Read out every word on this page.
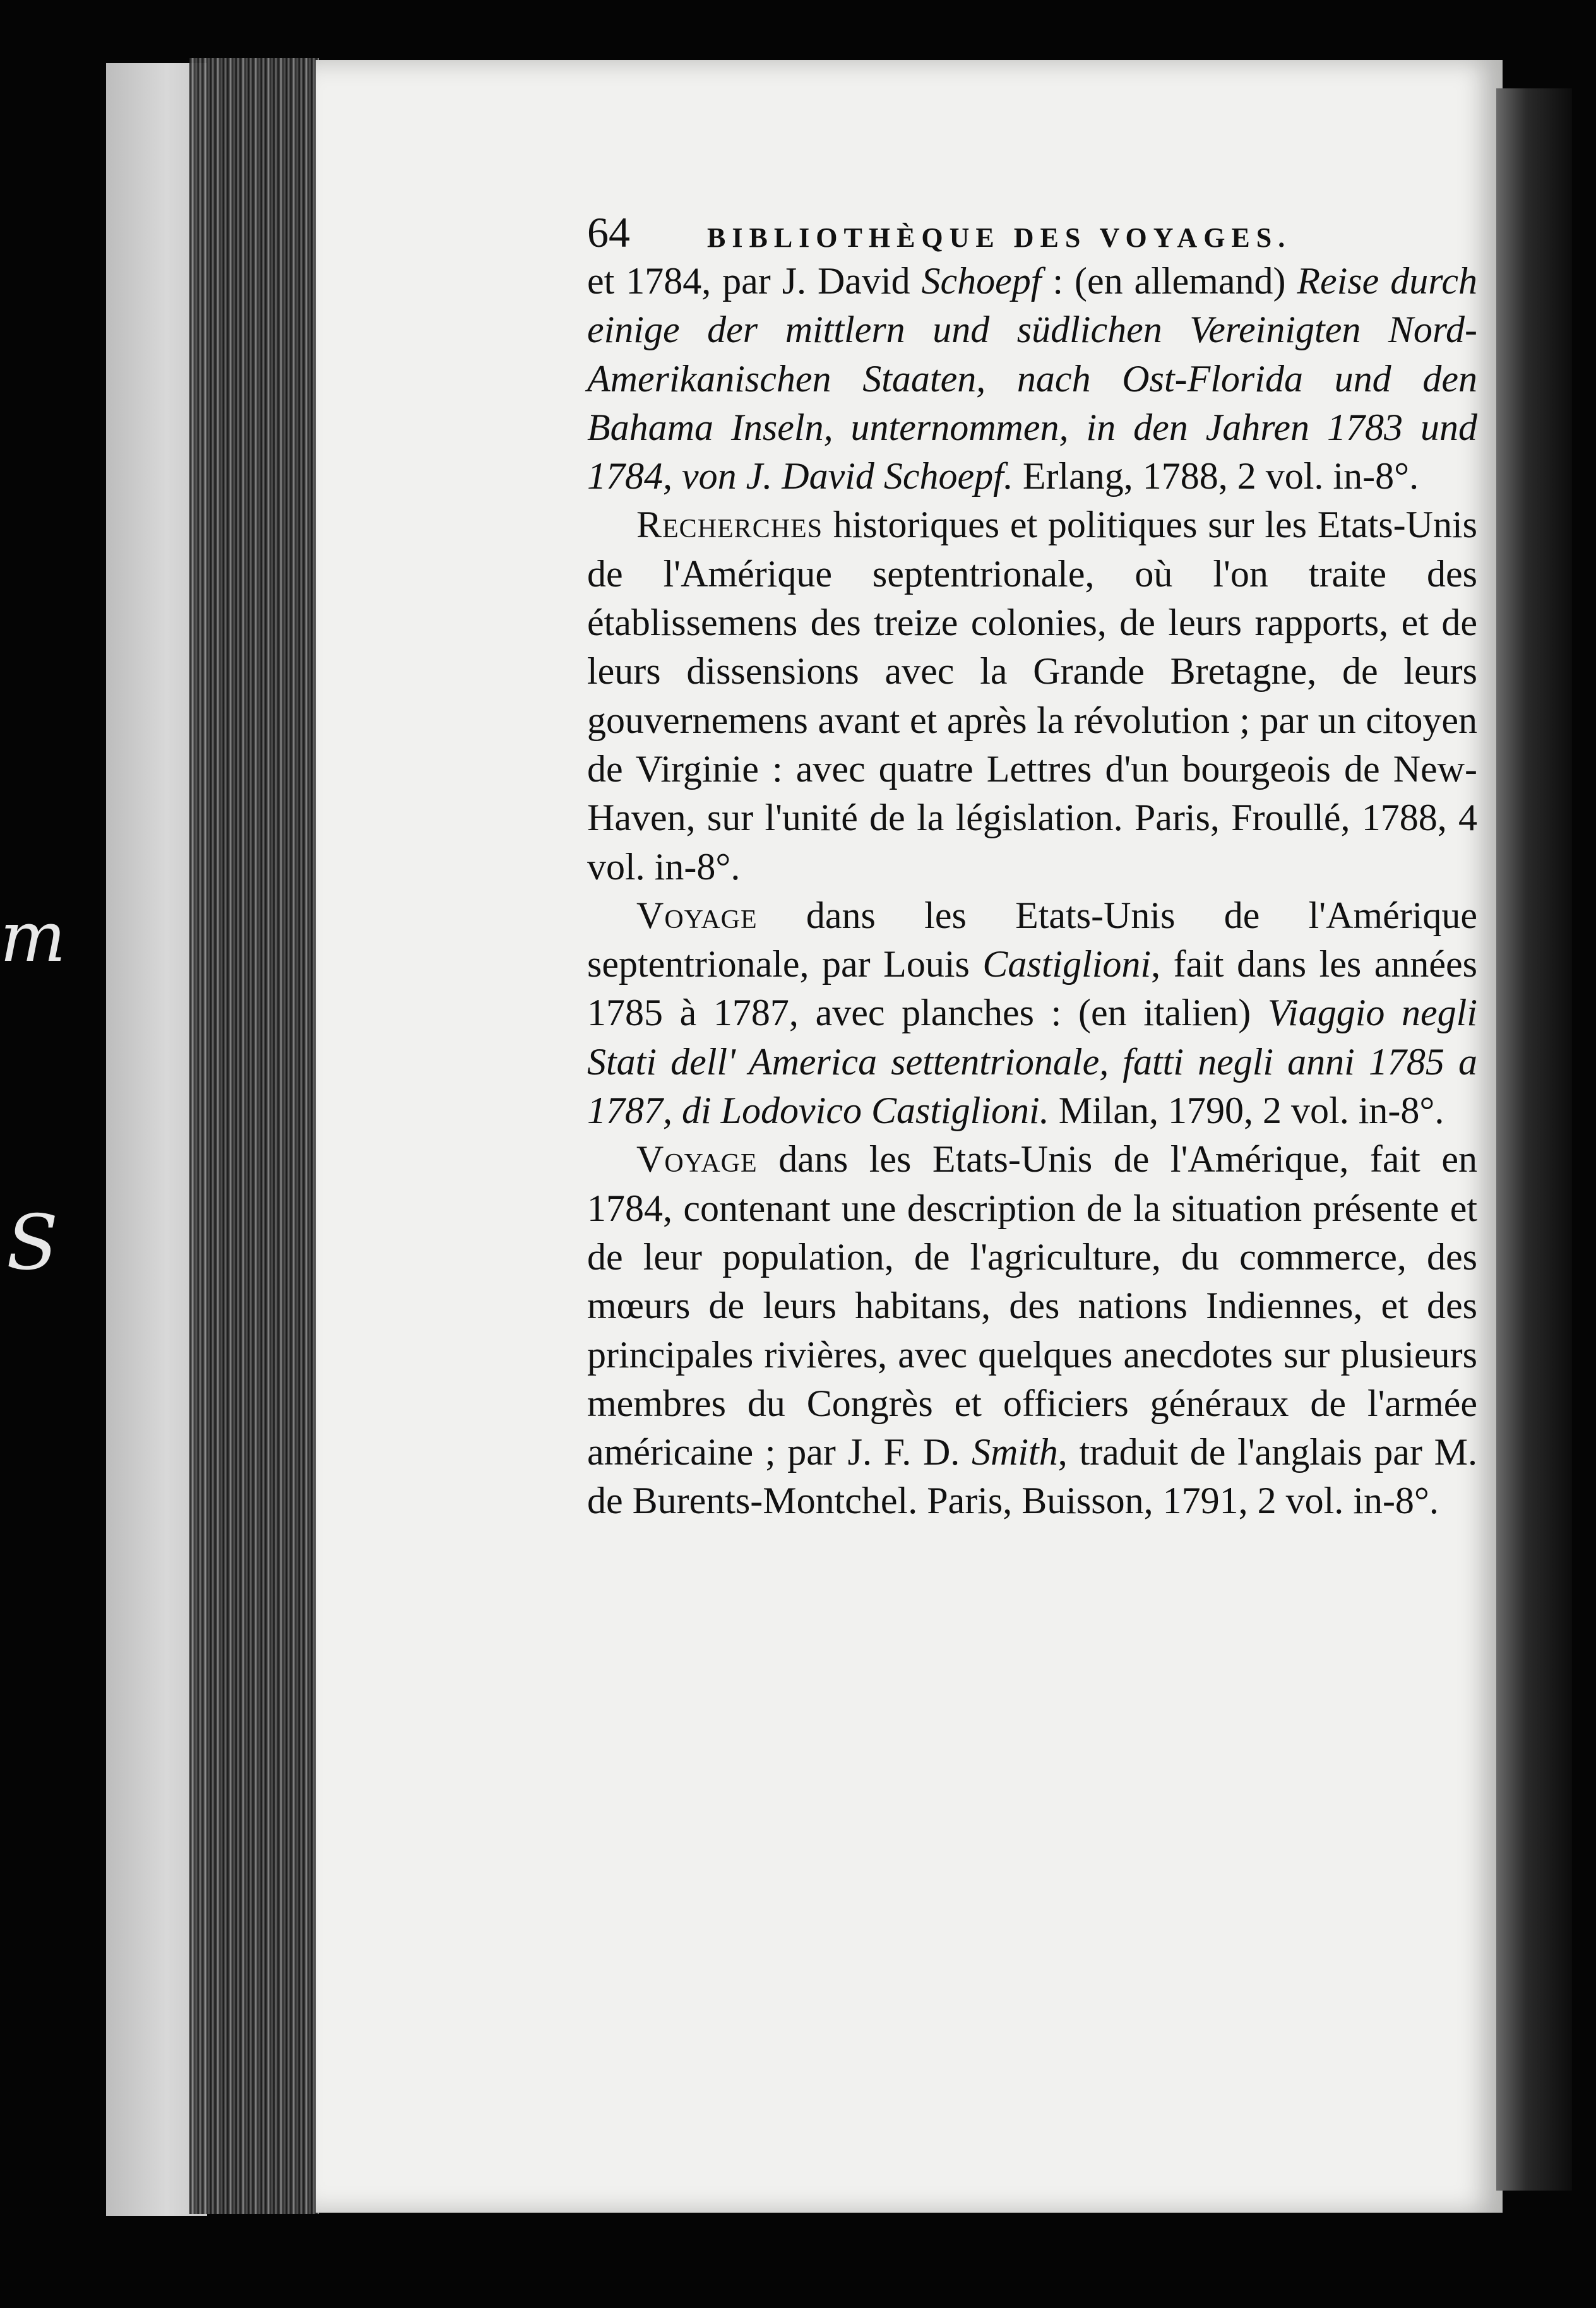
m
S
64	BIBLIOTHÈQUE DES VOYAGES.

et 1784, par J. David Schoepf : (en allemand) Reise durch einige der mittlern und südlichen Vereinigten Nord-Amerikanischen Staaten, nach Ost-Florida und den Bahama Inseln, unternommen, in den Jahren 1783 und 1784, von J. David Schoepf. Erlang, 1788, 2 vol. in-8°.

Recherches historiques et politiques sur les Etats-Unis de l'Amérique septentrionale, où l'on traite des établissemens des treize colonies, de leurs rapports, et de leurs dissensions avec la Grande Bretagne, de leurs gouvernemens avant et après la révolution ; par un citoyen de Virginie : avec quatre Lettres d'un bourgeois de New-Haven, sur l'unité de la législation. Paris, Froullé, 1788, 4 vol. in-8°.

Voyage dans les Etats-Unis de l'Amérique septentrionale, par Louis Castiglioni, fait dans les années 1785 à 1787, avec planches : (en italien) Viaggio negli Stati dell' America settentrionale, fatti negli anni 1785 a 1787, di Lodovico Castiglioni. Milan, 1790, 2 vol. in-8°.

Voyage dans les Etats-Unis de l'Amérique, fait en 1784, contenant une description de la situation présente et de leur population, de l'agriculture, du commerce, des mœurs de leurs habitans, des nations Indiennes, et des principales rivières, avec quelques anecdotes sur plusieurs membres du Congrès et officiers généraux de l'armée américaine ; par J. F. D. Smith, traduit de l'anglais par M. de Burents-Montchel. Paris, Buisson, 1791, 2 vol. in-8°.
